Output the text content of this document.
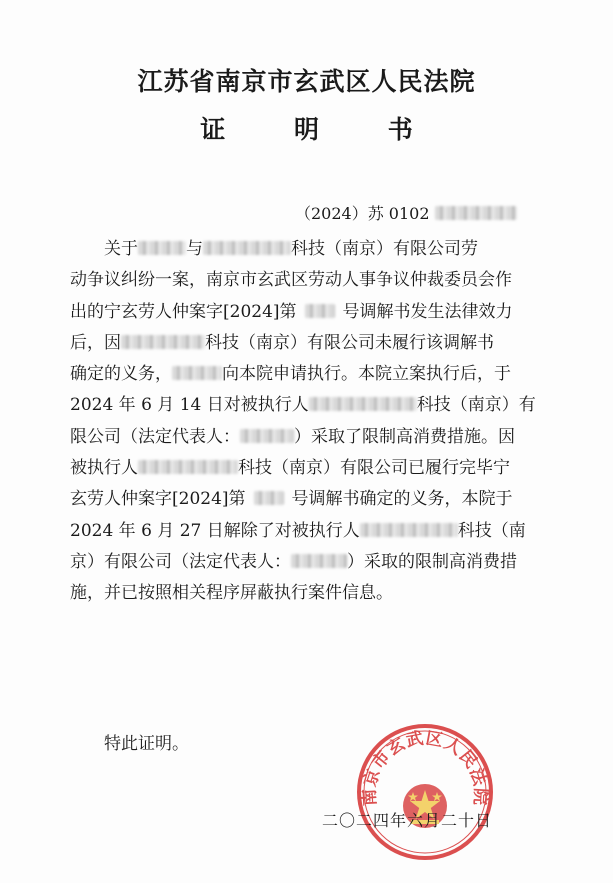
江苏省南京市玄武区人民法院
证 明 书
（2024）苏 0102
关于	与	科技（南京）有限公司劳
动争议纠纷一案，南京市玄武区劳动人事争议仲裁委员会作
出的宁玄劳人仲案字[2024]第	号调解书发生法律效力
后，因	科技（南京）有限公司未履行该调解书
确定的义务，	向本院申请执行。本院立案执行后，于
2024 年 6 月 14 日对被执行人	科技（南京）有
限公司（法定代表人：	）采取了限制高消费措施。因
被执行人	科技（南京）有限公司已履行完毕宁
玄劳人仲案字[2024]第	号调解书确定的义务，本院于
2024 年 6 月 27 日解除了对被执行人	科技（南
京）有限公司（法定代表人：	）采取的限制高消费措
施，并已按照相关程序屏蔽执行案件信息。
特此证明。
南京市玄武区人民法院
二〇二四年六月二十日
